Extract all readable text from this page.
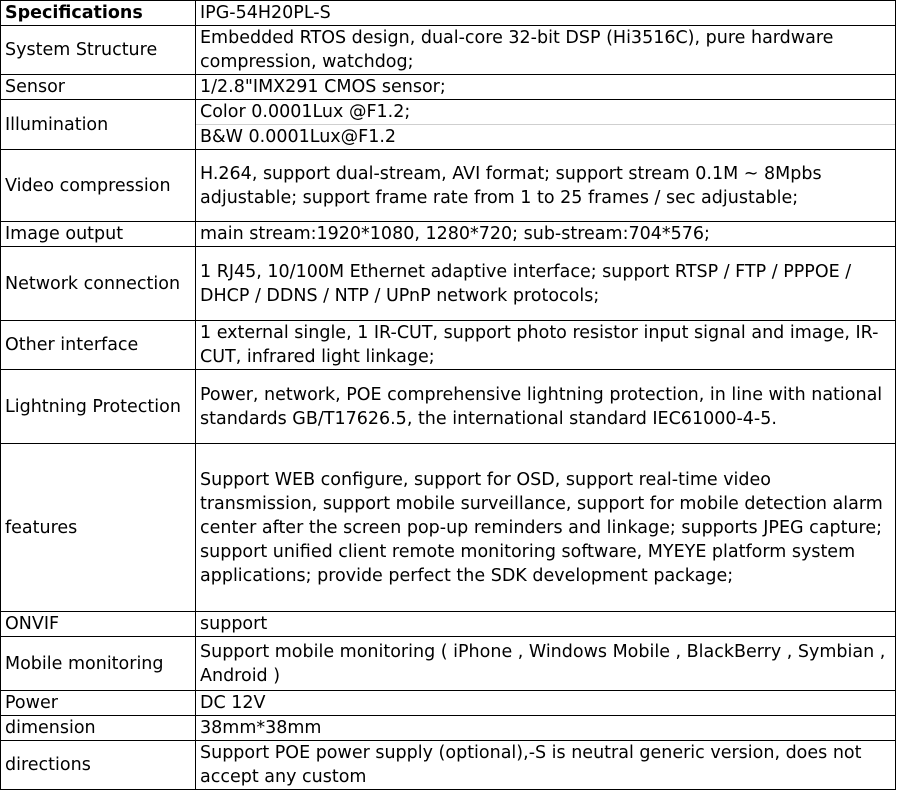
Specifications	IPG-54H20PL-S
System Structure	Embedded RTOS design, dual-core 32-bit DSP (Hi3516C), pure hardware compression, watchdog;
Sensor	1/2.8"IMX291 CMOS sensor;
Illumination	Color 0.0001Lux @F1.2;
B&W 0.0001Lux@F1.2

Video compression	H.264, support dual-stream, AVI format; support stream 0.1M ~ 8Mpbs adjustable; support frame rate from 1 to 25 frames / sec adjustable;
Image output	main stream:1920*1080, 1280*720; sub-stream:704*576;
Network connection	1 RJ45, 10/100M Ethernet adaptive interface; support RTSP / FTP / PPPOE / DHCP / DDNS / NTP / UPnP network protocols;
Other interface	1 external single, 1 IR-CUT, support photo resistor input signal and image, IR-CUT, infrared light linkage;
Lightning Protection	Power, network, POE comprehensive lightning protection, in line with national standards GB/T17626.5, the international standard IEC61000-4-5.
features	Support WEB configure, support for OSD, support real-time video transmission, support mobile surveillance, support for mobile detection alarm center after the screen pop-up reminders and linkage; supports JPEG capture; support unified client remote monitoring software, MYEYE platform system applications; provide perfect the SDK development package;
ONVIF	support
Mobile monitoring	Support mobile monitoring ( iPhone , Windows Mobile , BlackBerry , Symbian , Android )
Power	DC 12V
dimension	38mm*38mm
directions	Support POE power supply (optional),-S is neutral generic version, does not accept any custom
